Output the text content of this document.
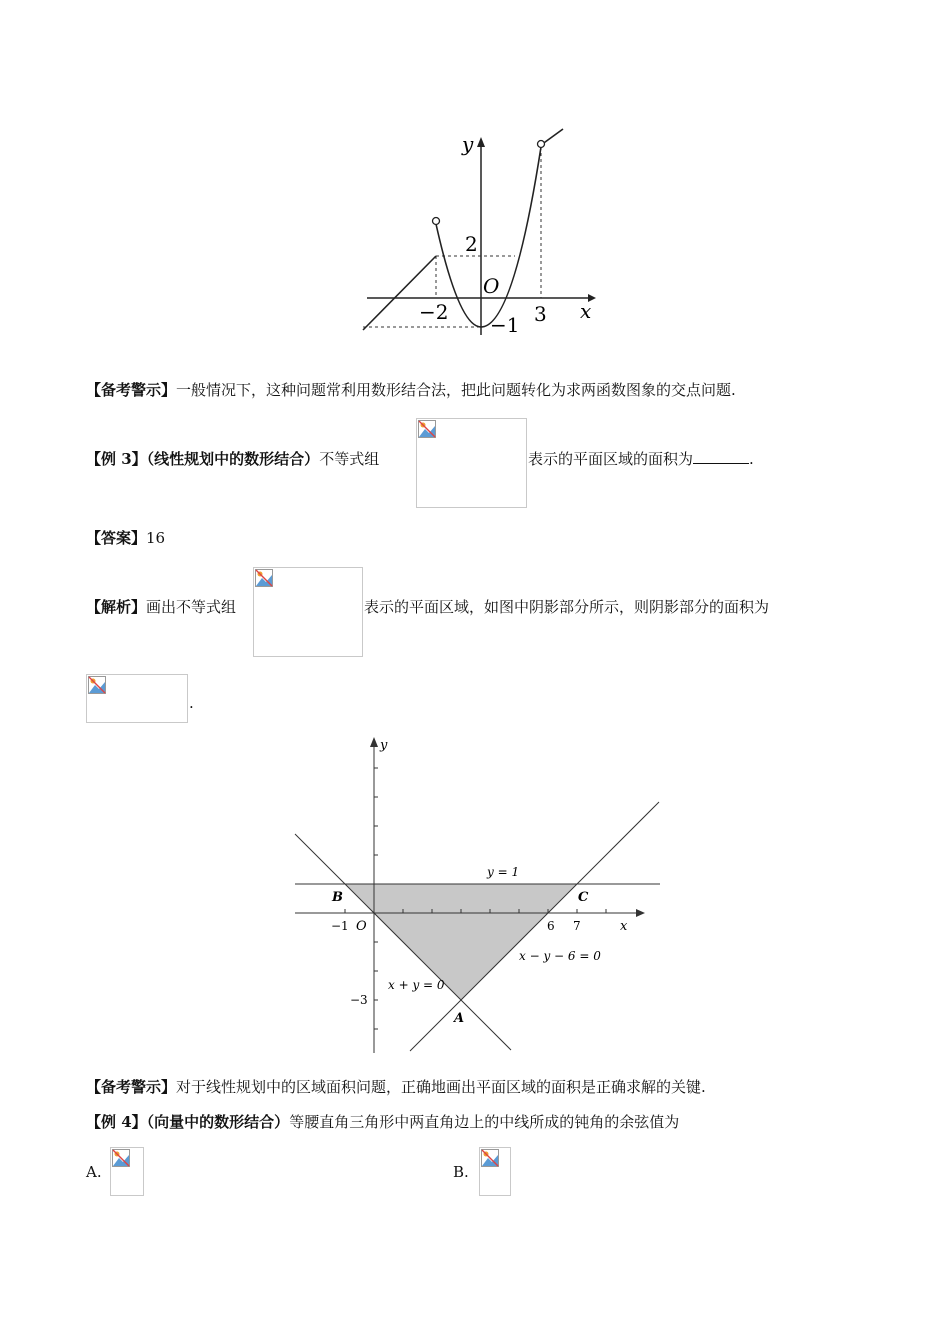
y
x
O
−2	3
2
−1
【备考警示】一般情况下，这种问题常利用数形结合法，把此问题转化为求两函数图象的交点问题.
【例 3】（线性规划中的数形结合）不等式组	表示的平面区域的面积为	.
【答案】16
【解析】画出不等式组	表示的平面区域，如图中阴影部分所示，则阴影部分的面积为
.
y
x
O
y = 1
x − y − 6 = 0
x + y = 0
A
B	C
−1	6 7
−3
【备考警示】对于线性规划中的区域面积问题，正确地画出平面区域的面积是正确求解的关键.
【例 4】（向量中的数形结合）等腰直角三角形中两直角边上的中线所成的钝角的余弦值为
A.	B.
